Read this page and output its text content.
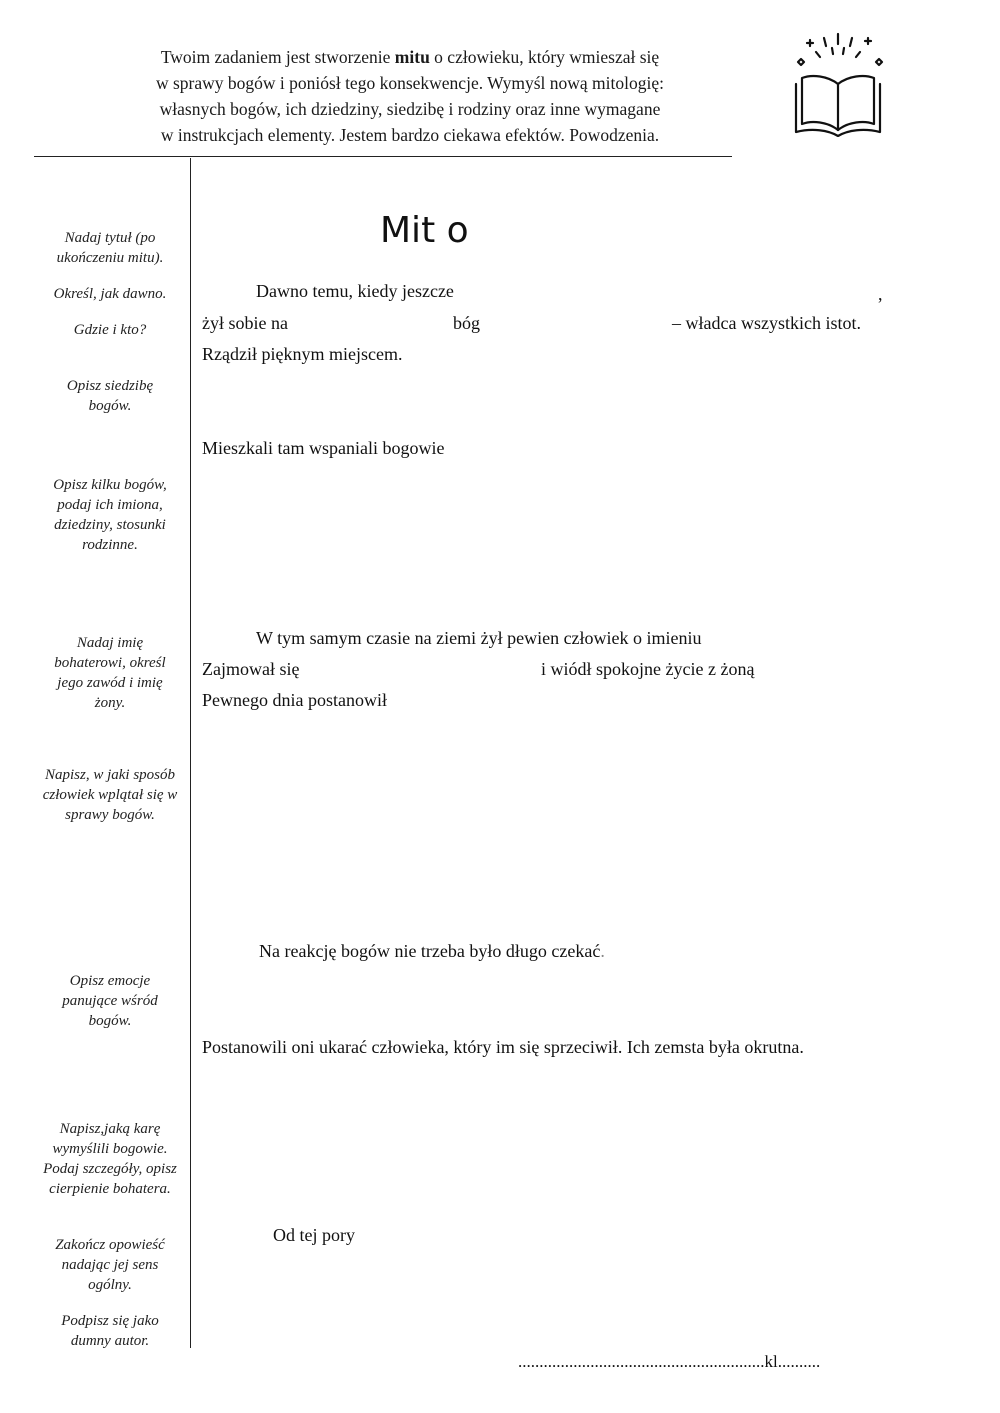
Twoim zadaniem jest stworzenie mitu o człowieku, który wmieszał się
w sprawy bogów i poniósł tego konsekwencje. Wymyśl nową mitologię:
własnych bogów, ich dziedziny, siedzibę i rodziny oraz inne wymagane
w instrukcjach elementy. Jestem bardzo ciekawa efektów. Powodzenia.
Nadaj tytuł (po
ukończeniu mitu).
Określ, jak dawno.
Gdzie i kto?
Opisz siedzibę
bogów.
Opisz kilku bogów,
podaj ich imiona,
dziedziny, stosunki
rodzinne.
Nadaj imię
bohaterowi, określ
jego zawód i imię
żony.
Napisz, w jaki sposób
człowiek wplątał się w
sprawy bogów.
Opisz emocje
panujące wśród
bogów.
Napisz,jaką karę
wymyślili bogowie.
Podaj szczegóły, opisz
cierpienie bohatera.
Zakończ opowieść
nadając jej sens
ogólny.
Podpisz się jako
dumny autor.
Mit o
Dawno temu, kiedy jeszcze	,
żył sobie na	bóg	– władca wszystkich istot.
Rządził pięknym miejscem.
Mieszkali tam wspaniali bogowie
W tym samym czasie na ziemi żył pewien człowiek o imieniu
Zajmował się	i wiódł spokojne życie z żoną
Pewnego dnia postanowił
Na reakcję bogów nie trzeba było długo czekać.
Postanowili oni ukarać człowieka, który im się sprzeciwił. Ich zemsta była okrutna.
Od tej pory
..........................................................kl..........
